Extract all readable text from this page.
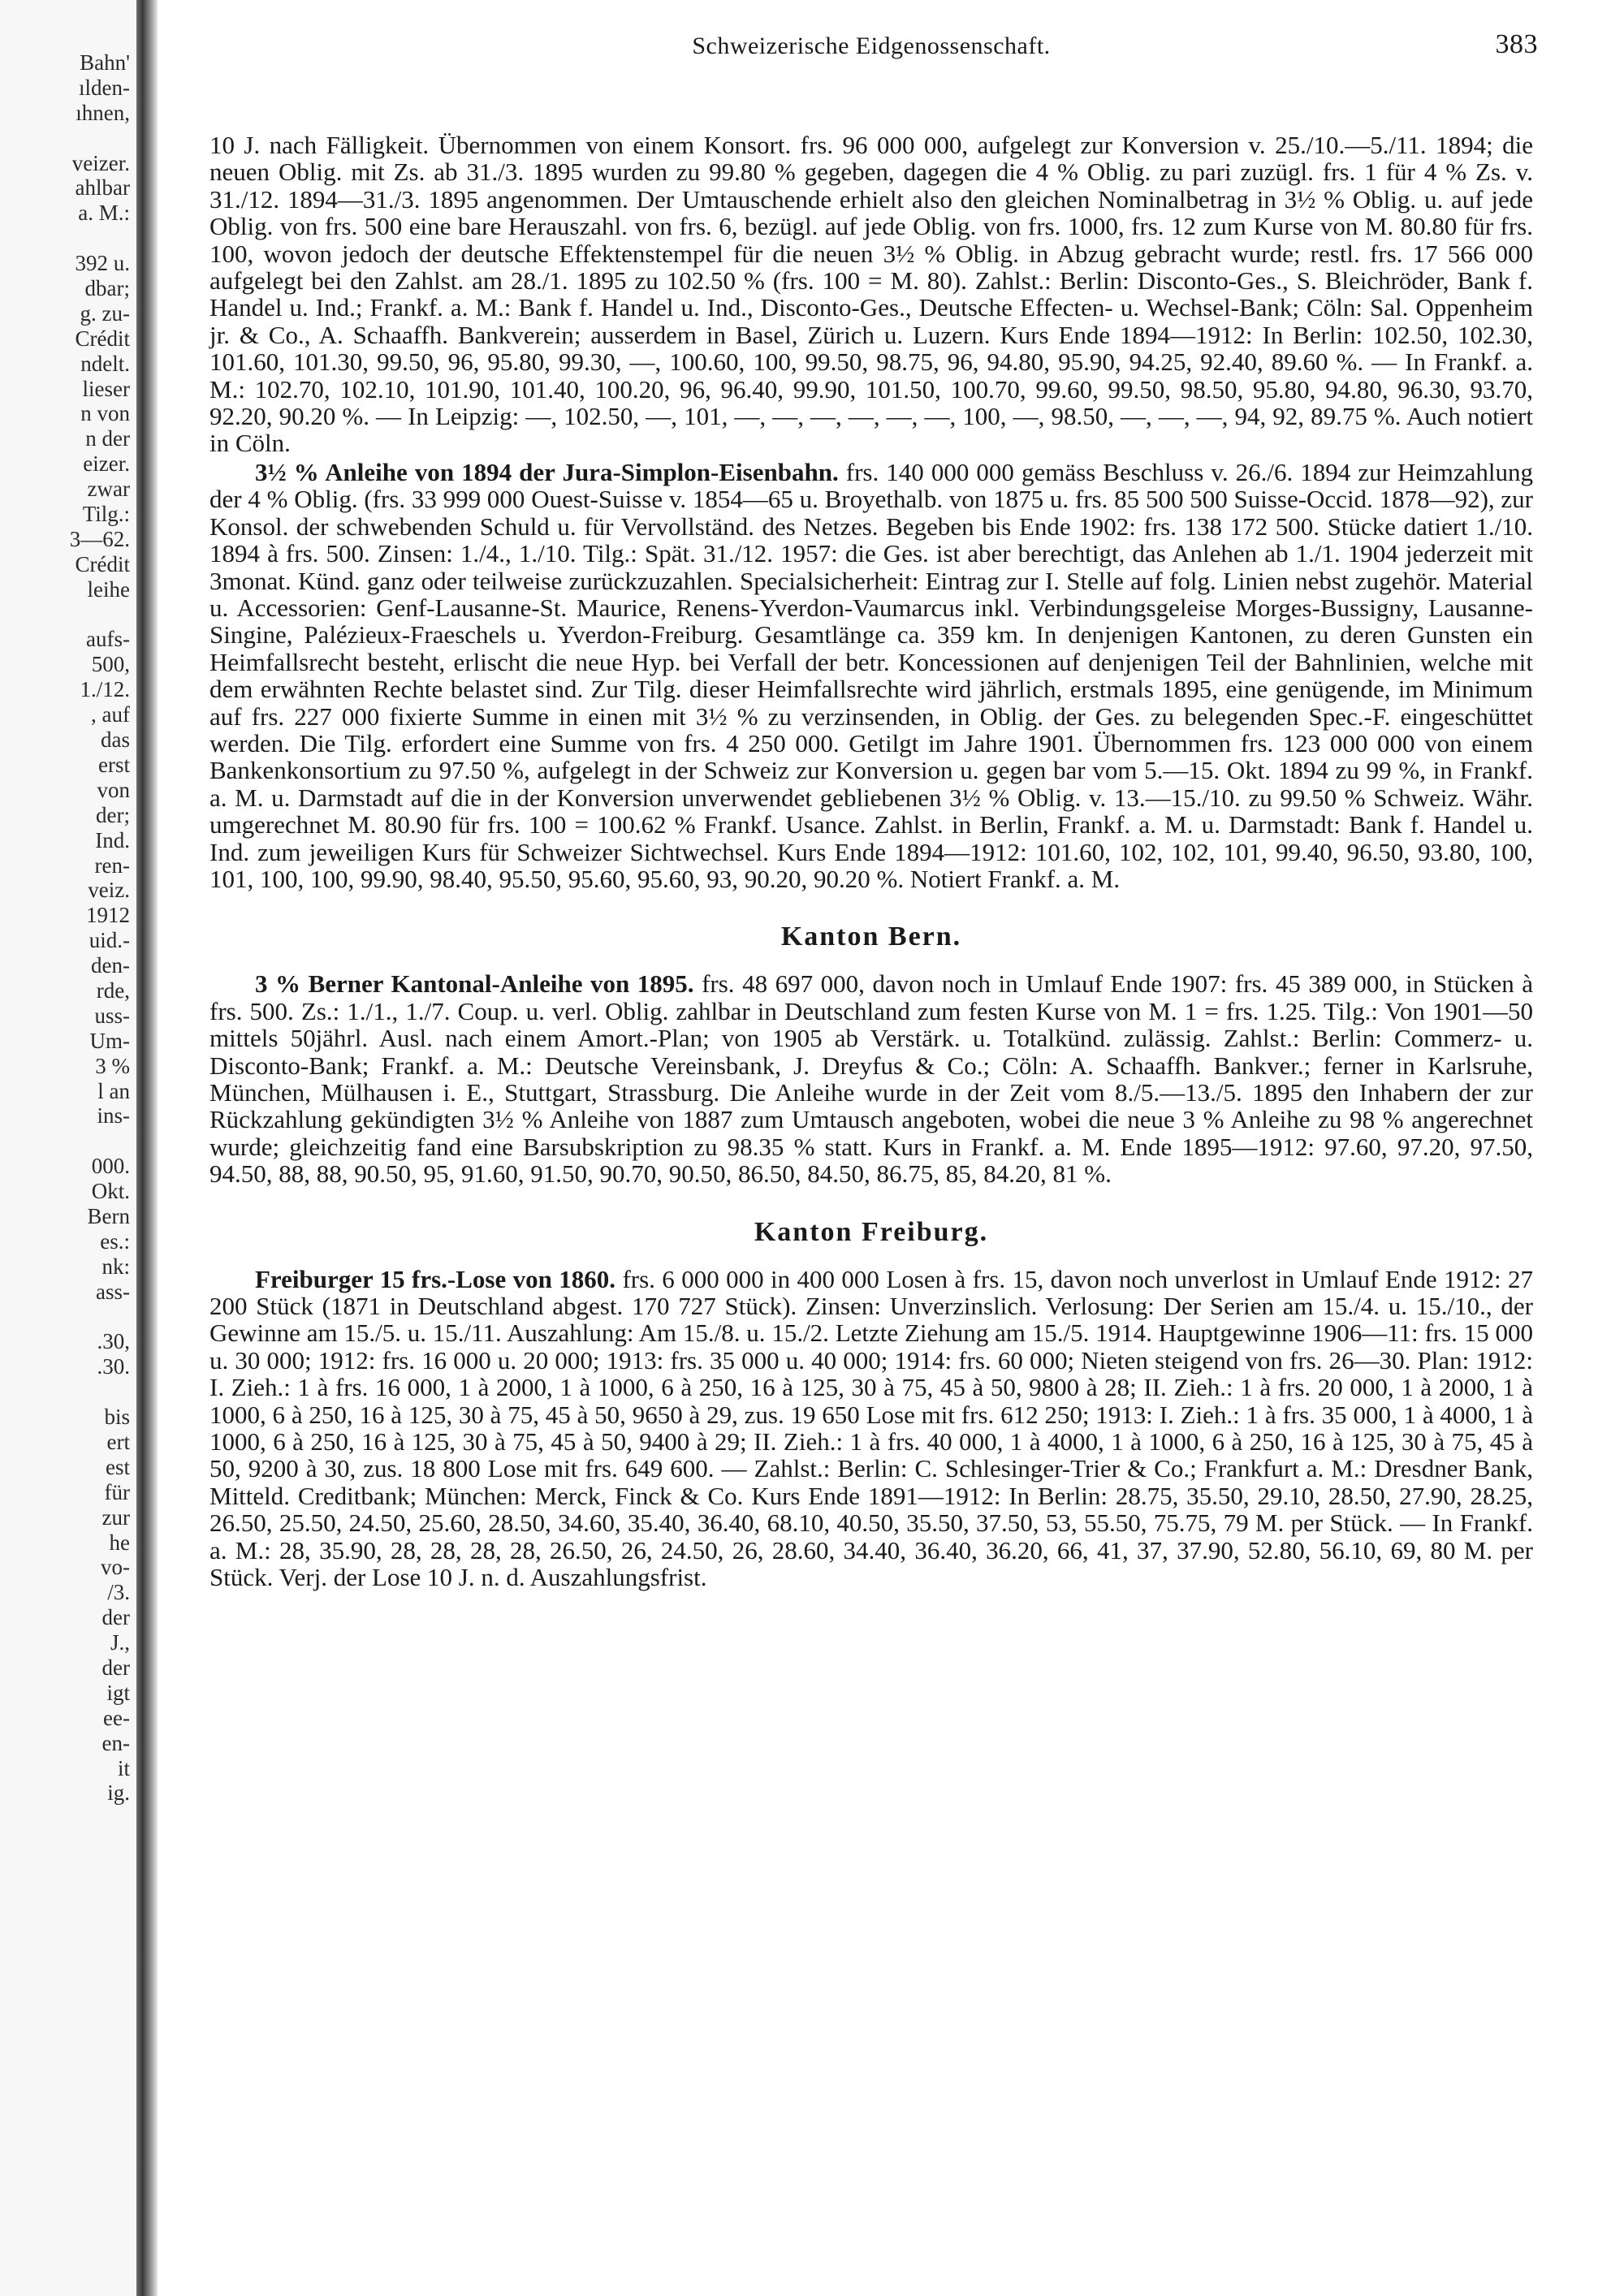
Bahn'
ılden-
ıhnen,
veizer.
ahlbar
a. M.:
392 u.
dbar;
g. zu-
Crédit
ndelt.
lieser
n von
n der
eizer.
zwar
Tilg.:
3—62.
Crédit
leihe
aufs-
500,
1./12.
, auf
das
erst
von
der;
Ind.
ren-
veiz.
1912
uid.-
den-
rde,
uss-
Um-
3 %
l an
ins-
000.
Okt.
Bern
es.:
nk:
ass-
.30,
.30.
bis
ert
est
für
zur
he
vo-
/3.
der
J.,
der
igt
ee-
en-
it
ig.
Schweizerische Eidgenossenschaft.	383

10 J. nach Fälligkeit. Übernommen von einem Konsort. frs. 96 000 000, aufgelegt zur Konversion v. 25./10.—5./11. 1894; die neuen Oblig. mit Zs. ab 31./3. 1895 wurden zu 99.80 % gegeben, dagegen die 4 % Oblig. zu pari zuzügl. frs. 1 für 4 % Zs. v. 31./12. 1894—31./3. 1895 angenommen. Der Umtauschende erhielt also den gleichen Nominalbetrag in 3½ % Oblig. u. auf jede Oblig. von frs. 500 eine bare Herauszahl. von frs. 6, bezügl. auf jede Oblig. von frs. 1000, frs. 12 zum Kurse von M. 80.80 für frs. 100, wovon jedoch der deutsche Effektenstempel für die neuen 3½ % Oblig. in Abzug gebracht wurde; restl. frs. 17 566 000 aufgelegt bei den Zahlst. am 28./1. 1895 zu 102.50 % (frs. 100 = M. 80). Zahlst.: Berlin: Disconto-Ges., S. Bleichröder, Bank f. Handel u. Ind.; Frankf. a. M.: Bank f. Handel u. Ind., Disconto-Ges., Deutsche Effecten- u. Wechsel-Bank; Cöln: Sal. Oppenheim jr. & Co., A. Schaaffh. Bankverein; ausserdem in Basel, Zürich u. Luzern. Kurs Ende 1894—1912: In Berlin: 102.50, 102.30, 101.60, 101.30, 99.50, 96, 95.80, 99.30, —, 100.60, 100, 99.50, 98.75, 96, 94.80, 95.90, 94.25, 92.40, 89.60 %. — In Frankf. a. M.: 102.70, 102.10, 101.90, 101.40, 100.20, 96, 96.40, 99.90, 101.50, 100.70, 99.60, 99.50, 98.50, 95.80, 94.80, 96.30, 93.70, 92.20, 90.20 %. — In Leipzig: —, 102.50, —, 101, —, —, —, —, —, —, 100, —, 98.50, —, —, —, 94, 92, 89.75 %. Auch notiert in Cöln.

3½ % Anleihe von 1894 der Jura-Simplon-Eisenbahn. frs. 140 000 000 gemäss Beschluss v. 26./6. 1894 zur Heimzahlung der 4 % Oblig. (frs. 33 999 000 Ouest-Suisse v. 1854—65 u. Broyethalb. von 1875 u. frs. 85 500 500 Suisse-Occid. 1878—92), zur Konsol. der schwebenden Schuld u. für Vervollständ. des Netzes. Begeben bis Ende 1902: frs. 138 172 500. Stücke datiert 1./10. 1894 à frs. 500. Zinsen: 1./4., 1./10. Tilg.: Spät. 31./12. 1957: die Ges. ist aber berechtigt, das Anlehen ab 1./1. 1904 jederzeit mit 3monat. Künd. ganz oder teilweise zurückzuzahlen. Specialsicherheit: Eintrag zur I. Stelle auf folg. Linien nebst zugehör. Material u. Accessorien: Genf-Lausanne-St. Maurice, Renens-Yverdon-Vaumarcus inkl. Verbindungsgeleise Morges-Bussigny, Lausanne-Singine, Palézieux-Fraeschels u. Yverdon-Freiburg. Gesamtlänge ca. 359 km. In denjenigen Kantonen, zu deren Gunsten ein Heimfallsrecht besteht, erlischt die neue Hyp. bei Verfall der betr. Koncessionen auf denjenigen Teil der Bahnlinien, welche mit dem erwähnten Rechte belastet sind. Zur Tilg. dieser Heimfallsrechte wird jährlich, erstmals 1895, eine genügende, im Minimum auf frs. 227 000 fixierte Summe in einen mit 3½ % zu verzinsenden, in Oblig. der Ges. zu belegenden Spec.-F. eingeschüttet werden. Die Tilg. erfordert eine Summe von frs. 4 250 000. Getilgt im Jahre 1901. Übernommen frs. 123 000 000 von einem Bankenkonsortium zu 97.50 %, aufgelegt in der Schweiz zur Konversion u. gegen bar vom 5.—15. Okt. 1894 zu 99 %, in Frankf. a. M. u. Darmstadt auf die in der Konversion unverwendet gebliebenen 3½ % Oblig. v. 13.—15./10. zu 99.50 % Schweiz. Währ. umgerechnet M. 80.90 für frs. 100 = 100.62 % Frankf. Usance. Zahlst. in Berlin, Frankf. a. M. u. Darmstadt: Bank f. Handel u. Ind. zum jeweiligen Kurs für Schweizer Sichtwechsel. Kurs Ende 1894—1912: 101.60, 102, 102, 101, 99.40, 96.50, 93.80, 100, 101, 100, 100, 99.90, 98.40, 95.50, 95.60, 95.60, 93, 90.20, 90.20 %. Notiert Frankf. a. M.

Kanton Bern.

3 % Berner Kantonal-Anleihe von 1895. frs. 48 697 000, davon noch in Umlauf Ende 1907: frs. 45 389 000, in Stücken à frs. 500. Zs.: 1./1., 1./7. Coup. u. verl. Oblig. zahlbar in Deutschland zum festen Kurse von M. 1 = frs. 1.25. Tilg.: Von 1901—50 mittels 50jährl. Ausl. nach einem Amort.-Plan; von 1905 ab Verstärk. u. Totalkünd. zulässig. Zahlst.: Berlin: Commerz- u. Disconto-Bank; Frankf. a. M.: Deutsche Vereinsbank, J. Dreyfus & Co.; Cöln: A. Schaaffh. Bankver.; ferner in Karlsruhe, München, Mülhausen i. E., Stuttgart, Strassburg. Die Anleihe wurde in der Zeit vom 8./5.—13./5. 1895 den Inhabern der zur Rückzahlung gekündigten 3½ % Anleihe von 1887 zum Umtausch angeboten, wobei die neue 3 % Anleihe zu 98 % angerechnet wurde; gleichzeitig fand eine Barsubskription zu 98.35 % statt. Kurs in Frankf. a. M. Ende 1895—1912: 97.60, 97.20, 97.50, 94.50, 88, 88, 90.50, 95, 91.60, 91.50, 90.70, 90.50, 86.50, 84.50, 86.75, 85, 84.20, 81 %.

Kanton Freiburg.

Freiburger 15 frs.-Lose von 1860. frs. 6 000 000 in 400 000 Losen à frs. 15, davon noch unverlost in Umlauf Ende 1912: 27 200 Stück (1871 in Deutschland abgest. 170 727 Stück). Zinsen: Unverzinslich. Verlosung: Der Serien am 15./4. u. 15./10., der Gewinne am 15./5. u. 15./11. Auszahlung: Am 15./8. u. 15./2. Letzte Ziehung am 15./5. 1914. Hauptgewinne 1906—11: frs. 15 000 u. 30 000; 1912: frs. 16 000 u. 20 000; 1913: frs. 35 000 u. 40 000; 1914: frs. 60 000; Nieten steigend von frs. 26—30. Plan: 1912: I. Zieh.: 1 à frs. 16 000, 1 à 2000, 1 à 1000, 6 à 250, 16 à 125, 30 à 75, 45 à 50, 9800 à 28; II. Zieh.: 1 à frs. 20 000, 1 à 2000, 1 à 1000, 6 à 250, 16 à 125, 30 à 75, 45 à 50, 9650 à 29, zus. 19 650 Lose mit frs. 612 250; 1913: I. Zieh.: 1 à frs. 35 000, 1 à 4000, 1 à 1000, 6 à 250, 16 à 125, 30 à 75, 45 à 50, 9400 à 29; II. Zieh.: 1 à frs. 40 000, 1 à 4000, 1 à 1000, 6 à 250, 16 à 125, 30 à 75, 45 à 50, 9200 à 30, zus. 18 800 Lose mit frs. 649 600. — Zahlst.: Berlin: C. Schlesinger-Trier & Co.; Frankfurt a. M.: Dresdner Bank, Mitteld. Creditbank; München: Merck, Finck & Co. Kurs Ende 1891—1912: In Berlin: 28.75, 35.50, 29.10, 28.50, 27.90, 28.25, 26.50, 25.50, 24.50, 25.60, 28.50, 34.60, 35.40, 36.40, 68.10, 40.50, 35.50, 37.50, 53, 55.50, 75.75, 79 M. per Stück. — In Frankf. a. M.: 28, 35.90, 28, 28, 28, 28, 26.50, 26, 24.50, 26, 28.60, 34.40, 36.40, 36.20, 66, 41, 37, 37.90, 52.80, 56.10, 69, 80 M. per Stück. Verj. der Lose 10 J. n. d. Auszahlungsfrist.
